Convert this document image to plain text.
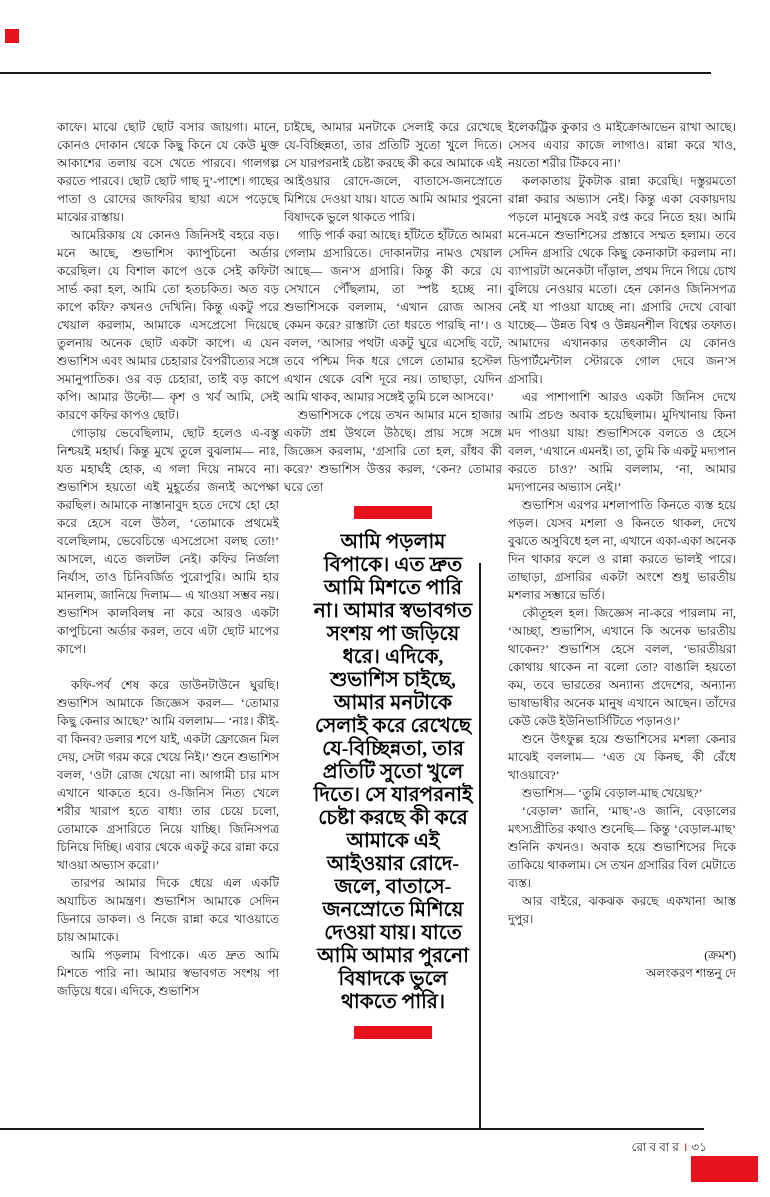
কাফে। মাঝে ছোট ছোট বসার জায়গা। মানে, কোনও দোকান থেকে কিছু কিনে যে কেউ মুক্ত আকাশের তলায় বসে খেতে পারবে। গালগল্প করতে পারবে। ছোট ছোট গাছ দু’-পাশে। গাছের পাতা ও রোদের জাফরির ছায়া এসে পড়েছে মাঝের রাস্তায়।

আমেরিকায় যে কোনও জিনিসই বহরে বড়। মনে আছে, শুভাশিস ক্যাপুচিনো অর্ডার করেছিল। যে বিশাল কাপে ওকে সেই কফিটা সার্ভ করা হল, আমি তো হতচকিত। অত বড় কাপে কফি? কখনও দেখিনি। কিন্তু একটু পরে খেয়াল করলাম, আমাকে এসপ্রেসো দিয়েছে তুলনায় অনেক ছোট একটা কাপে। এ যেন শুভাশিস এবং আমার চেহারার বৈপরীত্যের সঙ্গে সমানুপাতিক। ওর বড় চেহারা, তাই বড় কাপে কপি। আমার উল্টো— কৃশ ও খর্ব আমি, সেই কারণে কফির কাপও ছোট।

গোড়ায় ভেবেছিলাম, ছোট হলেও এ-বস্তু নিশ্চয়ই মহার্ঘ। কিন্তু মুখে তুলে বুঝলাম— নাঃ, যত মহার্ঘই হোক, এ গলা দিয়ে নামবে না। শুভাশিস হয়তো এই মুহূর্তের জন্যই অপেক্ষা করছিল। আমাকে নাস্তানাবুদ হতে দেখে হো হো করে হেসে বলে উঠল, ‘তোমাকে প্রথমেই বলেছিলাম, ভেবেচিন্তে এসপ্রেসো বলছ তো!’ আসলে, এতে জলটল নেই। কফির নির্জলা নির্যাস, তাও চিনিবর্জিত পুরোপুরি। আমি হার মানলাম, জানিয়ে দিলাম— এ খাওয়া সম্ভব নয়। শুভাশিস কালবিলম্ব না করে আরও একটা কাপুচিনো অর্ডার করল, তবে এটা ছোট মাপের কাপে।

কফি-পর্ব শেষ করে ডাউনটাউনে ঘুরছি। শুভাশিস আমাকে জিজ্ঞেস করল— ‘তোমার কিছু কেনার আছে?’ আমি বললাম— ‘নাঃ। কীই-বা কিনব? ডলার শপে যাই, একটা ফ্রোজেন মিল দেয়, সেটা গরম করে খেয়ে নিই।’ শুনে শুভাশিস বলল, ‘ওটা রোজ খেয়ো না। আগামী চার মাস এখানে থাকতে হবে। ও-জিনিস নিত্য খেলে শরীর খারাপ হতে বাধ্য! তার চেয়ে চলো, তোমাকে গ্রসারিতে নিয়ে যাচ্ছি। জিনিসপত্র চিনিয়ে দিচ্ছি। এবার থেকে একটু করে রান্না করে খাওয়া অভ্যাস করো।’

তারপর আমার দিকে ধেয়ে এল একটি অযাচিত আমন্ত্রণ। শুভাশিস আমাকে সেদিন ডিনারে ডাকল। ও নিজে রান্না করে খাওয়াতে চায় আমাকে।

আমি পড়লাম বিপাকে। এত দ্রুত আমি মিশতে পারি না। আমার স্বভাবগত সংশয় পা জড়িয়ে ধরে। এদিকে, শুভাশিস

চাইছে, আমার মনটাকে সেলাই করে রেখেছে যে-বিচ্ছিন্নতা, তার প্রতিটি সুতো খুলে দিতে। সে যারপরনাই চেষ্টা করছে কী করে আমাকে এই আইওয়ার রোদে-জলে, বাতাসে-জনস্রোতে মিশিয়ে দেওয়া যায়। যাতে আমি আমার পুরনো বিষাদকে ভুলে থাকতে পারি।

গাড়ি পার্ক করা আছে। হাঁটতে হাঁটতে আমরা গেলাম গ্রসারিতে। দোকানটার নামও খেয়াল আছে— জন’স গ্রসারি। কিন্তু কী করে যে সেখানে পৌঁছলাম, তা স্পষ্ট হচ্ছে না। শুভাশিসকে বললাম, ‘এখান রোজ আসব কেমন করে? রাস্তাটা তো ধরতে পারছি না’। ও বলল, ‘আসার পথটা একটু ঘুরে এসেছি বটে, তবে পশ্চিম দিক ধরে গেলে তোমার হস্টেল এখান থেকে বেশি দূরে নয়। তাছাড়া, যেদিন আমি থাকব, আমার সঙ্গেই তুমি চলে আসবে।’

শুভাশিসকে পেয়ে তখন আমার মনে হাজার একটা প্রশ্ন উথলে উঠছে। প্রায় সঙ্গে সঙ্গে জিজ্ঞেস করলাম, ‘গ্রসারি তো হল, রাঁধব কী করে?’ শুভাশিস উত্তর করল, ‘কেন? তোমার ঘরে তো

আমি পড়লাম

বিপাকে। এত দ্রুত

আমি মিশতে পারি

না। আমার স্বভাবগত

সংশয় পা জড়িয়ে

ধরে। এদিকে,

শুভাশিস চাইছে,

আমার মনটাকে

সেলাই করে রেখেছে

যে-বিচ্ছিন্নতা, তার

প্রতিটি সুতো খুলে

দিতে। সে যারপরনাই

চেষ্টা করছে কী করে

আমাকে এই

আইওয়ার রোদে-

জলে, বাতাসে-

জনস্রোতে মিশিয়ে

দেওয়া যায়। যাতে

আমি আমার পুরনো

বিষাদকে ভুলে

থাকতে পারি।

ইলেকট্রিক কুকার ও মাইক্রোআভেন রাখা আছে। সেসব এবার কাজে লাগাও। রান্না করে খাও, নয়তো শরীর টিকবে না।’

কলকাতায় টুকটাক রান্না করেছি। দস্তুরমতো রান্না করার অভ্যাস নেই। কিন্তু একা বেকায়দায় পড়লে মানুষকে সবই রপ্ত করে নিতে হয়। আমি মনে-মনে শুভাশিসের প্রস্তাবে সম্মত হলাম। তবে সেদিন গ্রসারি থেকে কিছু কেনাকাটা করলাম না। ব্যাপারটা অনেকটা দাঁড়াল, প্রথম দিনে গিয়ে চোখ বুলিয়ে নেওয়ার মতো। হেন কোনও জিনিসপত্র নেই যা পাওয়া যাচ্ছে না। গ্রসারি দেখে বোঝা যাচ্ছে— উন্নত বিশ্ব ও উন্নয়নশীল বিশ্বের তফাত। আমাদের এখানকার তৎকালীন যে কোনও ডিপার্টমেন্টাল স্টোরকে গোল দেবে জন’স গ্রসারি।

এর পাশাপাশি আরও একটা জিনিস দেখে আমি প্রচণ্ড অবাক হয়েছিলাম। মুদিখানায় কিনা মদ পাওয়া যায়! শুভাশিসকে বলতে ও হেসে বলল, ‘এখানে এমনই। তা, তুমি কি একটু মদ্যপান করতে চাও?’ আমি বললাম, ‘না, আমার মদ্যপানের অভ্যাস নেই।’

শুভাশিস এরপর মশলাপাতি কিনতে ব্যস্ত হয়ে পড়ল। যেসব মশলা ও কিনতে থাকল, দেখে বুঝতে অসুবিধে হল না, এখানে একা-একা অনেক দিন থাকার ফলে ও রান্না করতে ভালই পারে। তাছাড়া, গ্রসারির একটা অংশে শুধু ভারতীয় মশলার সম্ভারে ভর্তি।

কৌতূহল হল। জিজ্ঞেস না-করে পারলাম না, ‘আচ্ছা, শুভাশিস, এখানে কি অনেক ভারতীয় থাকেন?’ শুভাশিস হেসে বলল, ‘ভারতীয়রা কোথায় থাকেন না বলো তো? বাঙালি হয়তো কম, তবে ভারতের অন্যান্য প্রদেশের, অন্যান্য ভাষাভাষীর অনেক মানুষ এখানে আছেন। তাঁদের কেউ কেউ ইউনিভার্সিটিতে পড়ানও।’

শুনে উৎফুল্ল হয়ে শুভাশিসের মশলা কেনার মাঝেই বললাম— ‘এত যে কিনছ, কী রেঁধে খাওয়াবে?’

শুভাশিস— ‘তুমি বেড়াল-মাছ খেয়েছ?’

‘বেড়াল’ জানি, ‘মাছ’-ও জানি, বেড়ালের মৎস্যপ্রীতির কথাও শুনেছি— কিন্তু ‘বেড়াল-মাছ’ শুনিনি কখনও। অবাক হয়ে শুভাশিসের দিকে তাকিয়ে থাকলাম। সে তখন গ্রসারির বিল মেটাতে ব্যস্ত।

আর বাইরে, ঝকঝক করছে একখানা আস্ত দুপুর।

(ক্রমশ)

অলংকরণ শান্তনু দে

রোববার। ৩১
